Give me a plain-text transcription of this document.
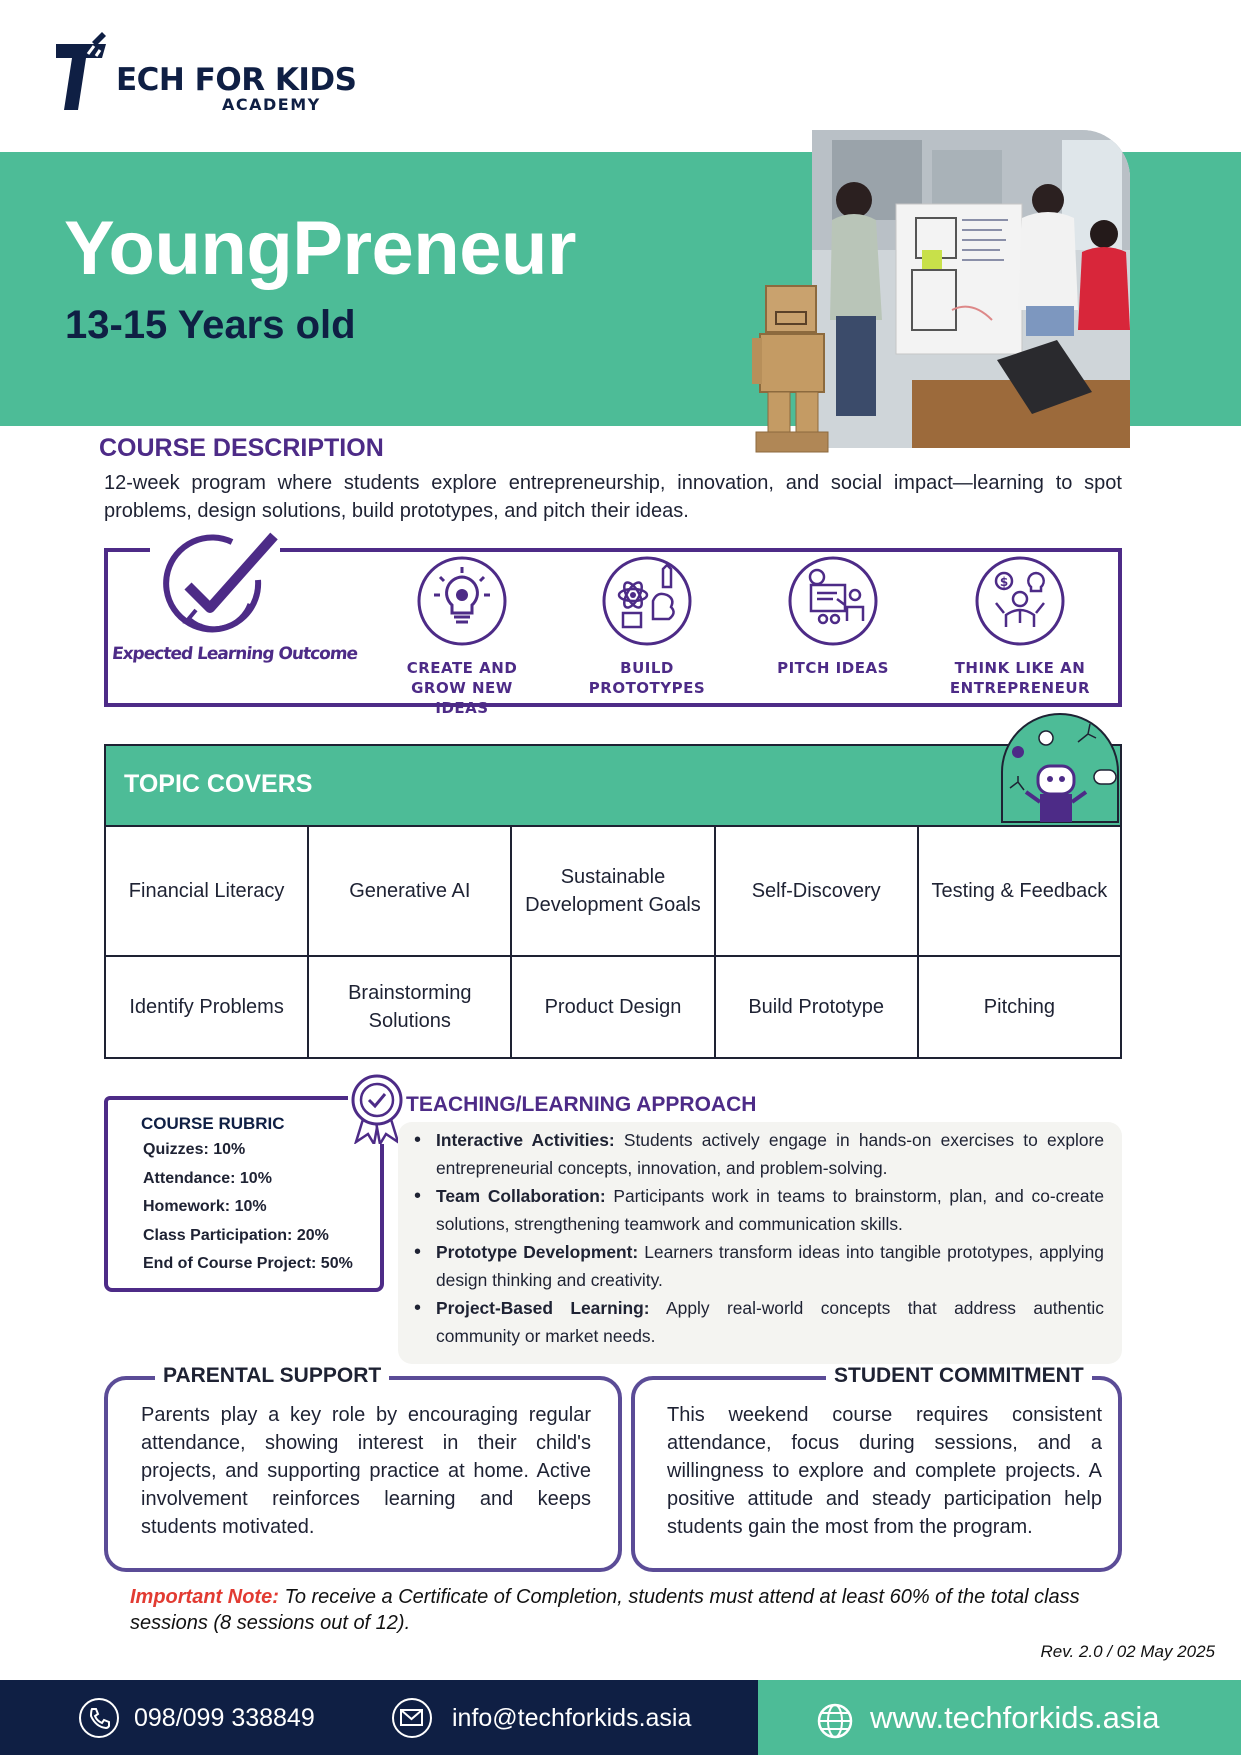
ECH FOR KIDS
ACADEMY
YoungPreneur
13-15 Years old
COURSE DESCRIPTION
12-week program where students explore entrepreneurship, innovation, and social impact—learning to spot problems, design solutions, build prototypes, and pitch their ideas.
Expected Learning Outcome
CREATE AND GROW NEW IDEAS
BUILD PROTOTYPES
PITCH IDEAS
$
THINK LIKE AN ENTREPRENEUR
TOPIC COVERS
Financial Literacy	Generative AI	Sustainable Development Goals	Self-Discovery	Testing & Feedback
Identify Problems	Brainstorming Solutions	Product Design	Build Prototype	Pitching
COURSE RUBRIC
Quizzes: 10%
Attendance: 10%
Homework: 10%
Class Participation: 20%
End of Course Project: 50%
TEACHING/LEARNING APPROACH
• Interactive Activities: Students actively engage in hands-on exercises to explore entrepreneurial concepts, innovation, and problem-solving.
• Team Collaboration: Participants work in teams to brainstorm, plan, and co-create solutions, strengthening teamwork and communication skills.
• Prototype Development: Learners transform ideas into tangible prototypes, applying design thinking and creativity.
• Project-Based Learning: Apply real-world concepts that address authentic community or market needs.
PARENTAL SUPPORT
Parents play a key role by encouraging regular attendance, showing interest in their child's projects, and supporting practice at home. Active involvement reinforces learning and keeps students motivated.
STUDENT COMMITMENT
This weekend course requires consistent attendance, focus during sessions, and a willingness to explore and complete projects. A positive attitude and steady participation help students gain the most from the program.
Important Note: To receive a Certificate of Completion, students must attend at least 60% of the total class sessions (8 sessions out of 12).
Rev. 2.0 / 02 May 2025
098/099 338849	info@techforkids.asia	www.techforkids.asia
